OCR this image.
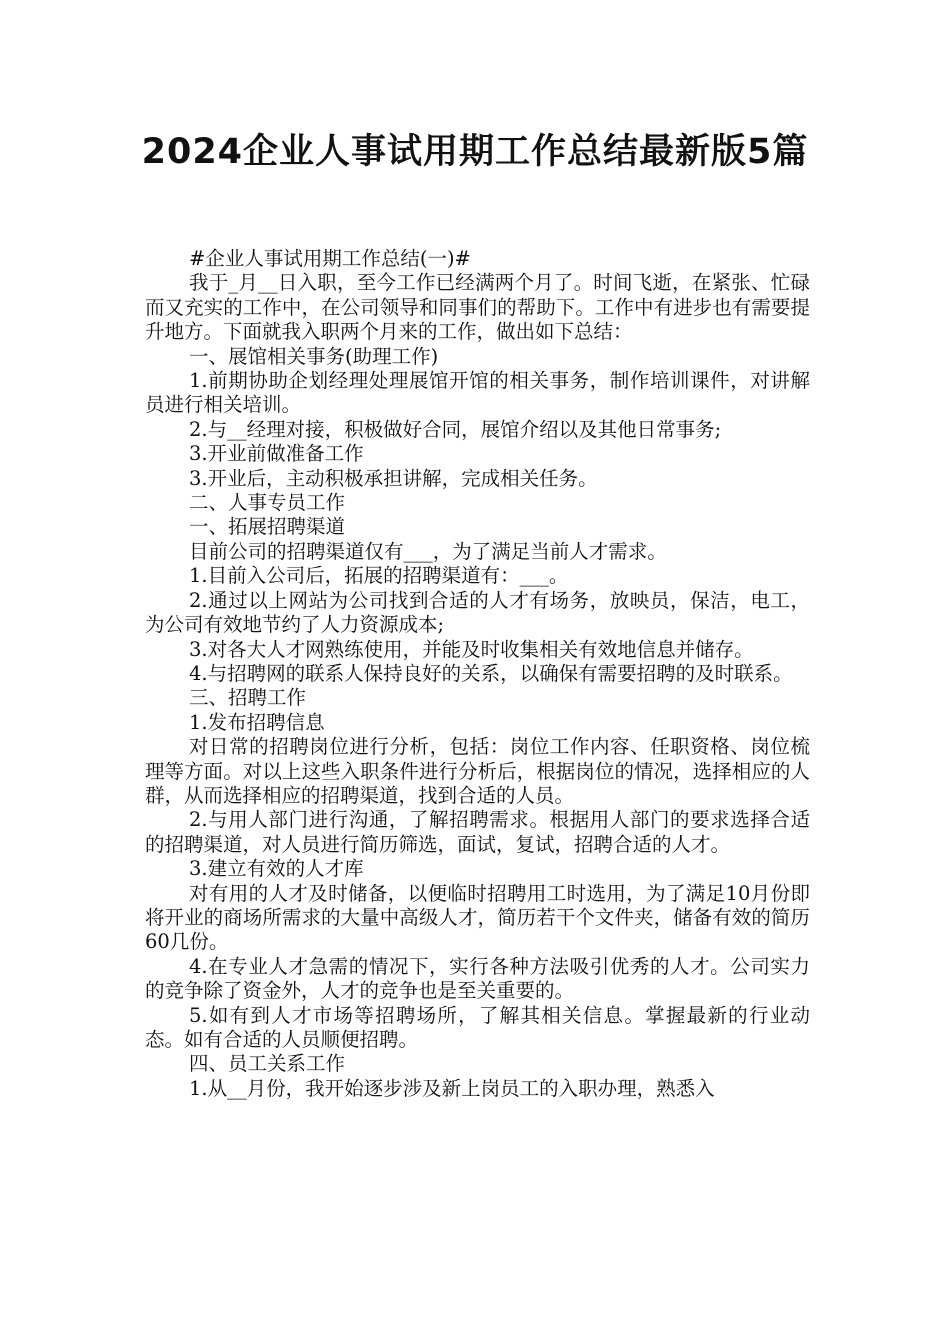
2024企业人事试用期工作总结最新版5篇

#企业人事试用期工作总结(一)#

我于_月__日入职，至今工作已经满两个月了。时间飞逝，在紧张、忙碌而又充实的工作中，在公司领导和同事们的帮助下。工作中有进步也有需要提升地方。下面就我入职两个月来的工作，做出如下总结：

一、展馆相关事务(助理工作)

1.前期协助企划经理处理展馆开馆的相关事务，制作培训课件，对讲解员进行相关培训。

2.与__经理对接，积极做好合同，展馆介绍以及其他日常事务;

3.开业前做准备工作

3.开业后，主动积极承担讲解，完成相关任务。

二、人事专员工作

一、拓展招聘渠道

目前公司的招聘渠道仅有___，为了满足当前人才需求。

1.目前入公司后，拓展的招聘渠道有：___。

2.通过以上网站为公司找到合适的人才有场务，放映员，保洁，电工，为公司有效地节约了人力资源成本;

3.对各大人才网熟练使用，并能及时收集相关有效地信息并储存。

4.与招聘网的联系人保持良好的关系，以确保有需要招聘的及时联系。

三、招聘工作

1.发布招聘信息

对日常的招聘岗位进行分析，包括：岗位工作内容、任职资格、岗位梳理等方面。对以上这些入职条件进行分析后，根据岗位的情况，选择相应的人群，从而选择相应的招聘渠道，找到合适的人员。

2.与用人部门进行沟通，了解招聘需求。根据用人部门的要求选择合适的招聘渠道，对人员进行简历筛选，面试，复试，招聘合适的人才。

3.建立有效的人才库

对有用的人才及时储备，以便临时招聘用工时选用，为了满足10月份即将开业的商场所需求的大量中高级人才，简历若干个文件夹，储备有效的简历60几份。

4.在专业人才急需的情况下，实行各种方法吸引优秀的人才。公司实力的竞争除了资金外，人才的竞争也是至关重要的。

5.如有到人才市场等招聘场所，了解其相关信息。掌握最新的行业动态。如有合适的人员顺便招聘。

四、员工关系工作

1.从__月份，我开始逐步涉及新上岗员工的入职办理，熟悉入
